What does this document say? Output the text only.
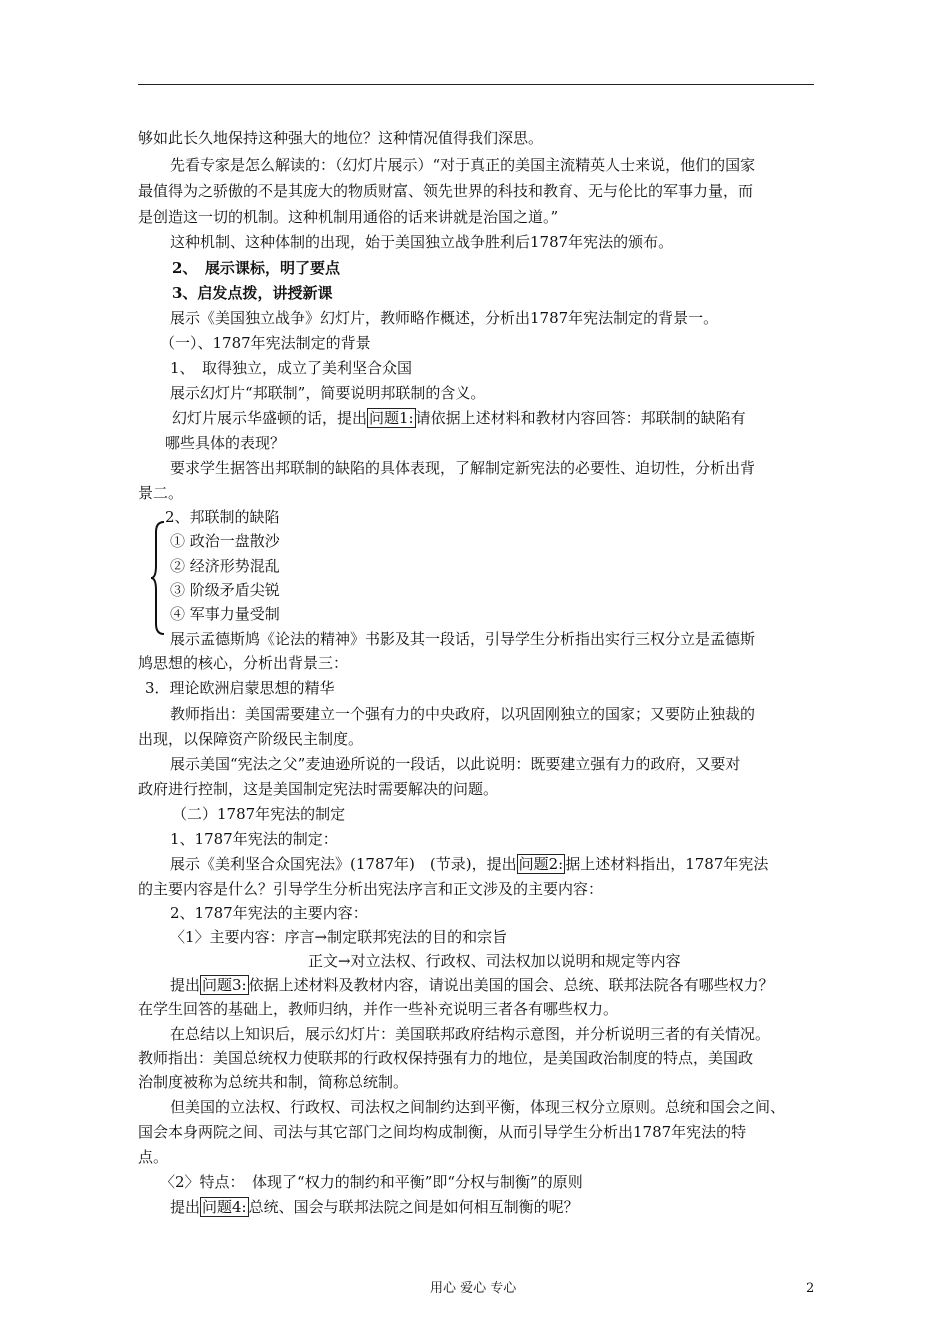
够如此长久地保持这种强大的地位？这种情况值得我们深思。
先看专家是怎么解读的：（幻灯片展示）“对于真正的美国主流精英人士来说，他们的国家
最值得为之骄傲的不是其庞大的物质财富、领先世界的科技和教育、无与伦比的军事力量，而
是创造这一切的机制。这种机制用通俗的话来讲就是治国之道。”
这种机制、这种体制的出现，始于美国独立战争胜利后1787年宪法的颁布。
2、　展示课标，明了要点
3、启发点拨，讲授新课
展示《美国独立战争》幻灯片，教师略作概述，分析出1787年宪法制定的背景一。
（一）、1787年宪法制定的背景
1、　取得独立，成立了美利坚合众国
展示幻灯片“邦联制”，简要说明邦联制的含义。
幻灯片展示华盛顿的话，提出 问题1: 请依据上述材料和教材内容回答：邦联制的缺陷有
哪些具体的表现？
要求学生据答出邦联制的缺陷的具体表现，了解制定新宪法的必要性、迫切性，分析出背
景二。
2、邦联制的缺陷
① 政治一盘散沙
② 经济形势混乱
③ 阶级矛盾尖锐
④ 军事力量受制
展示孟德斯鸠《论法的精神》书影及其一段话，引导学生分析指出实行三权分立是孟德斯
鸠思想的核心，分析出背景三：
3．理论欧洲启蒙思想的精华
教师指出：美国需要建立一个强有力的中央政府，以巩固刚独立的国家；又要防止独裁的
出现，以保障资产阶级民主制度。
展示美国“宪法之父”麦迪逊所说的一段话，以此说明：既要建立强有力的政府，又要对
政府进行控制，这是美国制定宪法时需要解决的问题。
（二）1787年宪法的制定
1、1787年宪法的制定：
展示《美利坚合众国宪法》(1787年)　(节录)，提出 问题2: 据上述材料指出，1787年宪法
的主要内容是什么？引导学生分析出宪法序言和正文涉及的主要内容：
2、1787年宪法的主要内容：
〈1〉主要内容：序言→制定联邦宪法的目的和宗旨
正文→对立法权、行政权、司法权加以说明和规定等内容
提出 问题3: 依据上述材料及教材内容，请说出美国的国会、总统、联邦法院各有哪些权力？
在学生回答的基础上，教师归纳，并作一些补充说明三者各有哪些权力。
在总结以上知识后，展示幻灯片：美国联邦政府结构示意图，并分析说明三者的有关情况。
教师指出：美国总统权力使联邦的行政权保持强有力的地位，是美国政治制度的特点，美国政
治制度被称为总统共和制，简称总统制。
但美国的立法权、行政权、司法权之间制约达到平衡，体现三权分立原则。总统和国会之间、
国会本身两院之间、司法与其它部门之间均构成制衡，从而引导学生分析出1787年宪法的特
点。
〈2〉特点：　体现了“权力的制约和平衡”即“分权与制衡”的原则
提出 问题4: 总统、国会与联邦法院之间是如何相互制衡的呢？
用心 爱心 专心	2
